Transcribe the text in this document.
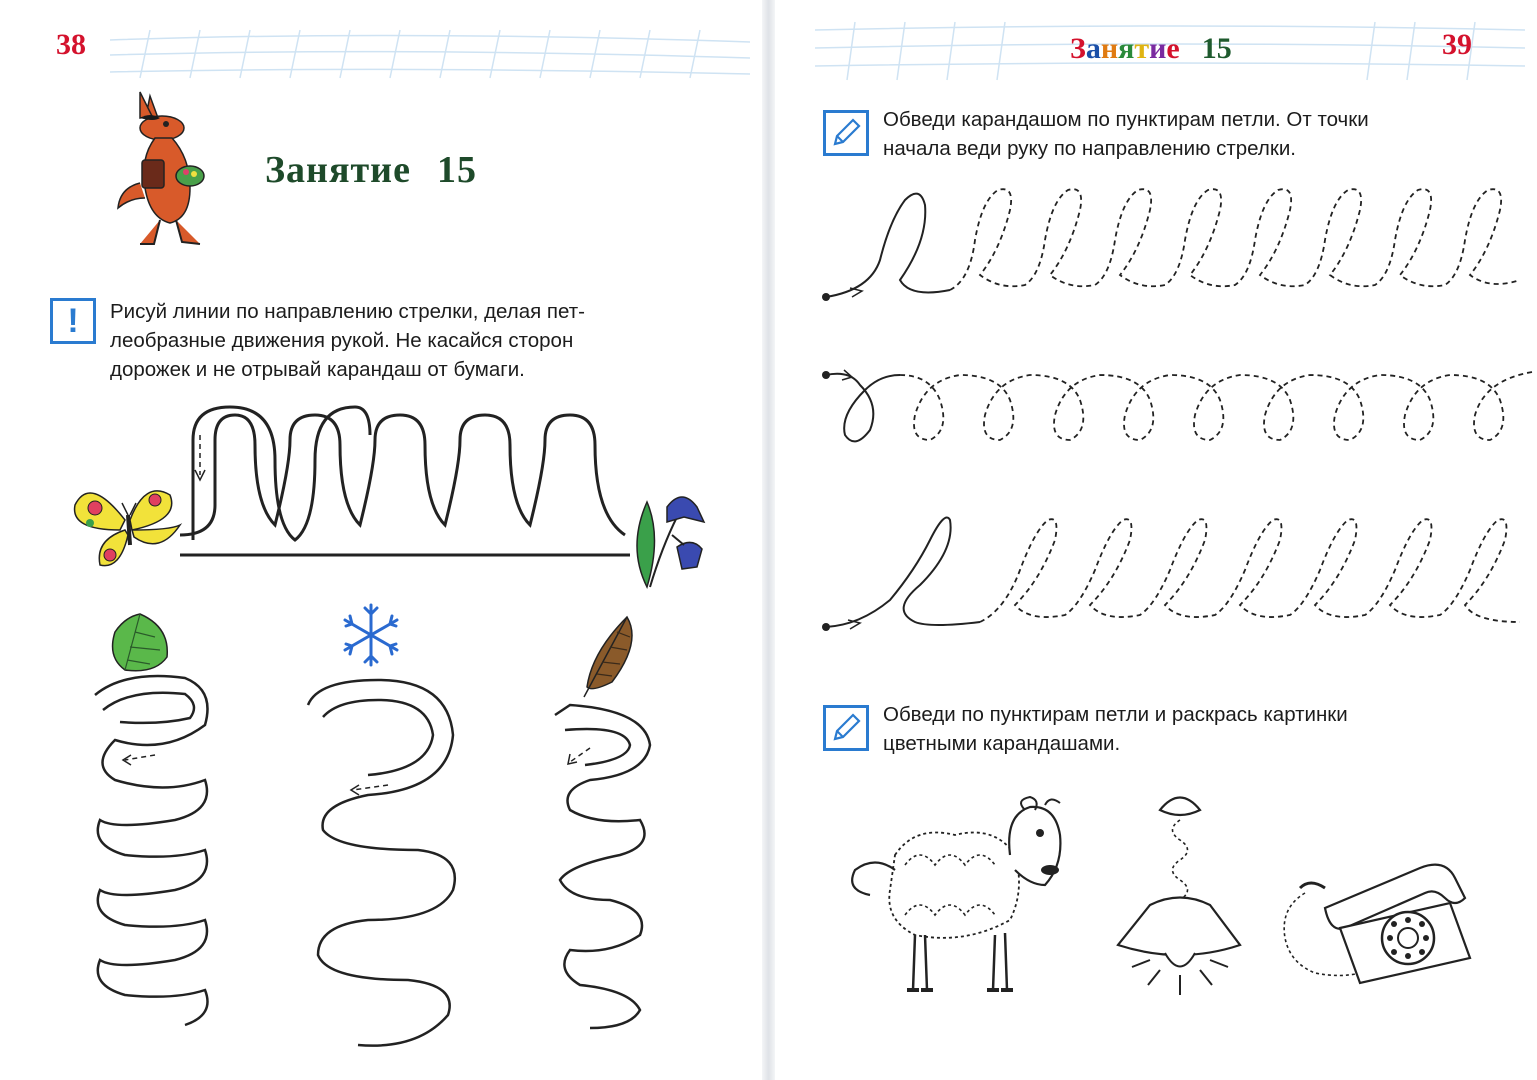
38
Занятие 15
!	Рисуй линии по направлению стрелки, делая пет-
леобразные движения рукой. Не касайся сторон
дорожек и не отрывай карандаш от бумаги.
Занятие 15	39
Обведи карандашом по пунктирам петли. От точки
начала веди руку по направлению стрелки.
Обведи по пунктирам петли и раскрась картинки
цветными карандашами.
